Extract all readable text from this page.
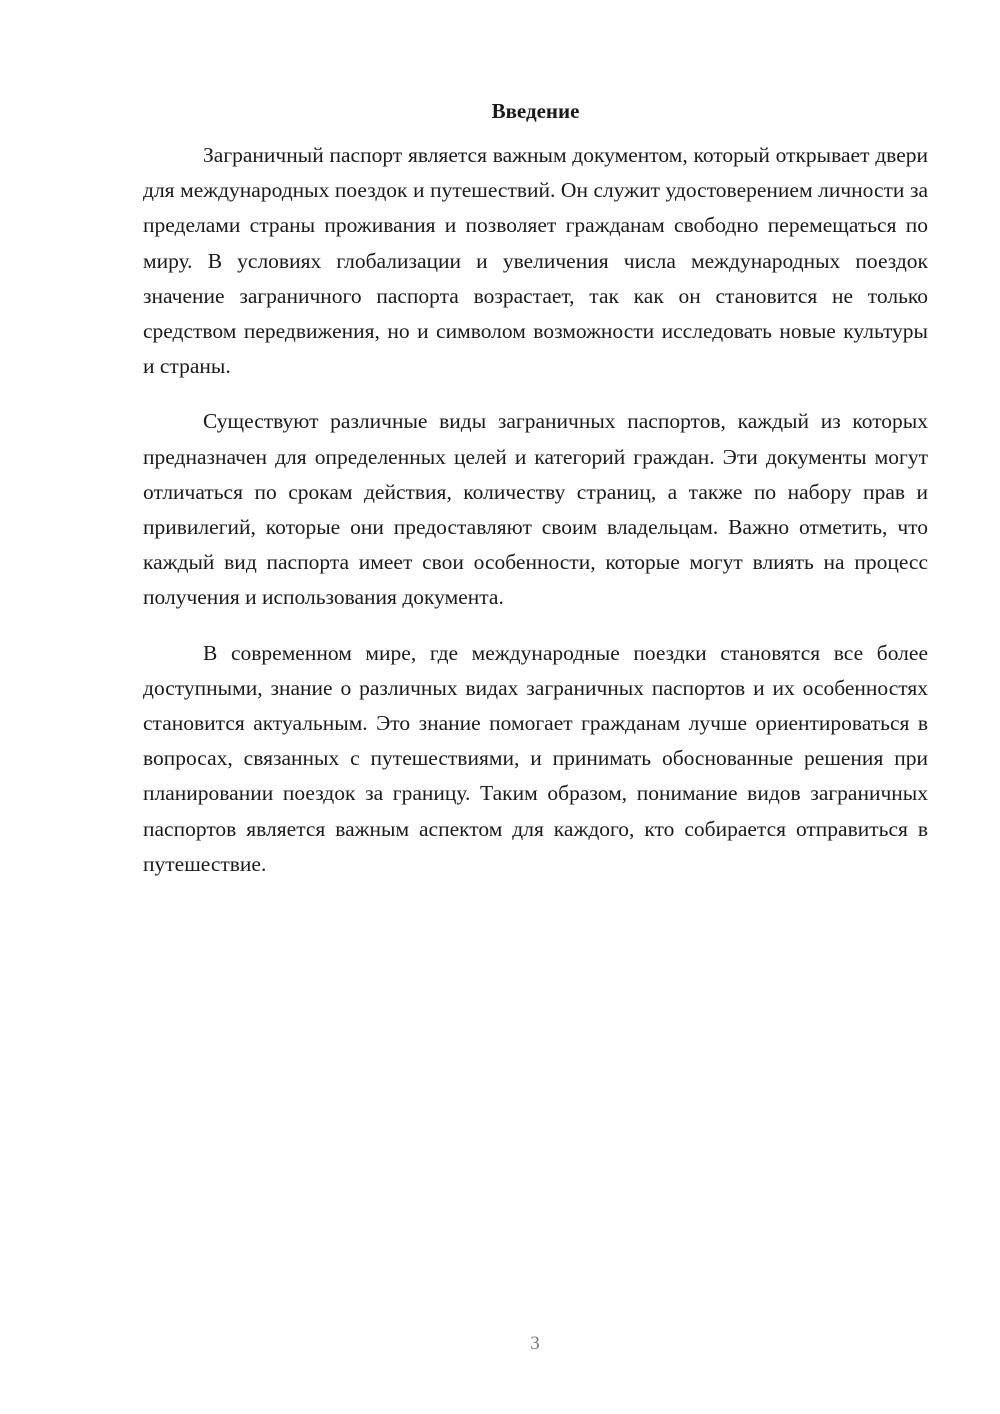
Введение

Заграничный паспорт является важным документом, который открывает двери для международных поездок и путешествий. Он служит удостоверением личности за пределами страны проживания и позволяет гражданам свободно перемещаться по миру. В условиях глобализации и увеличения числа международных поездок значение заграничного паспорта возрастает, так как он становится не только средством передвижения, но и символом возможности исследовать новые культуры и страны.

Существуют различные виды заграничных паспортов, каждый из которых предназначен для определенных целей и категорий граждан. Эти документы могут отличаться по срокам действия, количеству страниц, а также по набору прав и привилегий, которые они предоставляют своим владельцам. Важно отметить, что каждый вид паспорта имеет свои особенности, которые могут влиять на процесс получения и использования документа.

В современном мире, где международные поездки становятся все более доступными, знание о различных видах заграничных паспортов и их особенностях становится актуальным. Это знание помогает гражданам лучше ориентироваться в вопросах, связанных с путешествиями, и принимать обоснованные решения при планировании поездок за границу. Таким образом, понимание видов заграничных паспортов является важным аспектом для каждого, кто собирается отправиться в путешествие.

3
